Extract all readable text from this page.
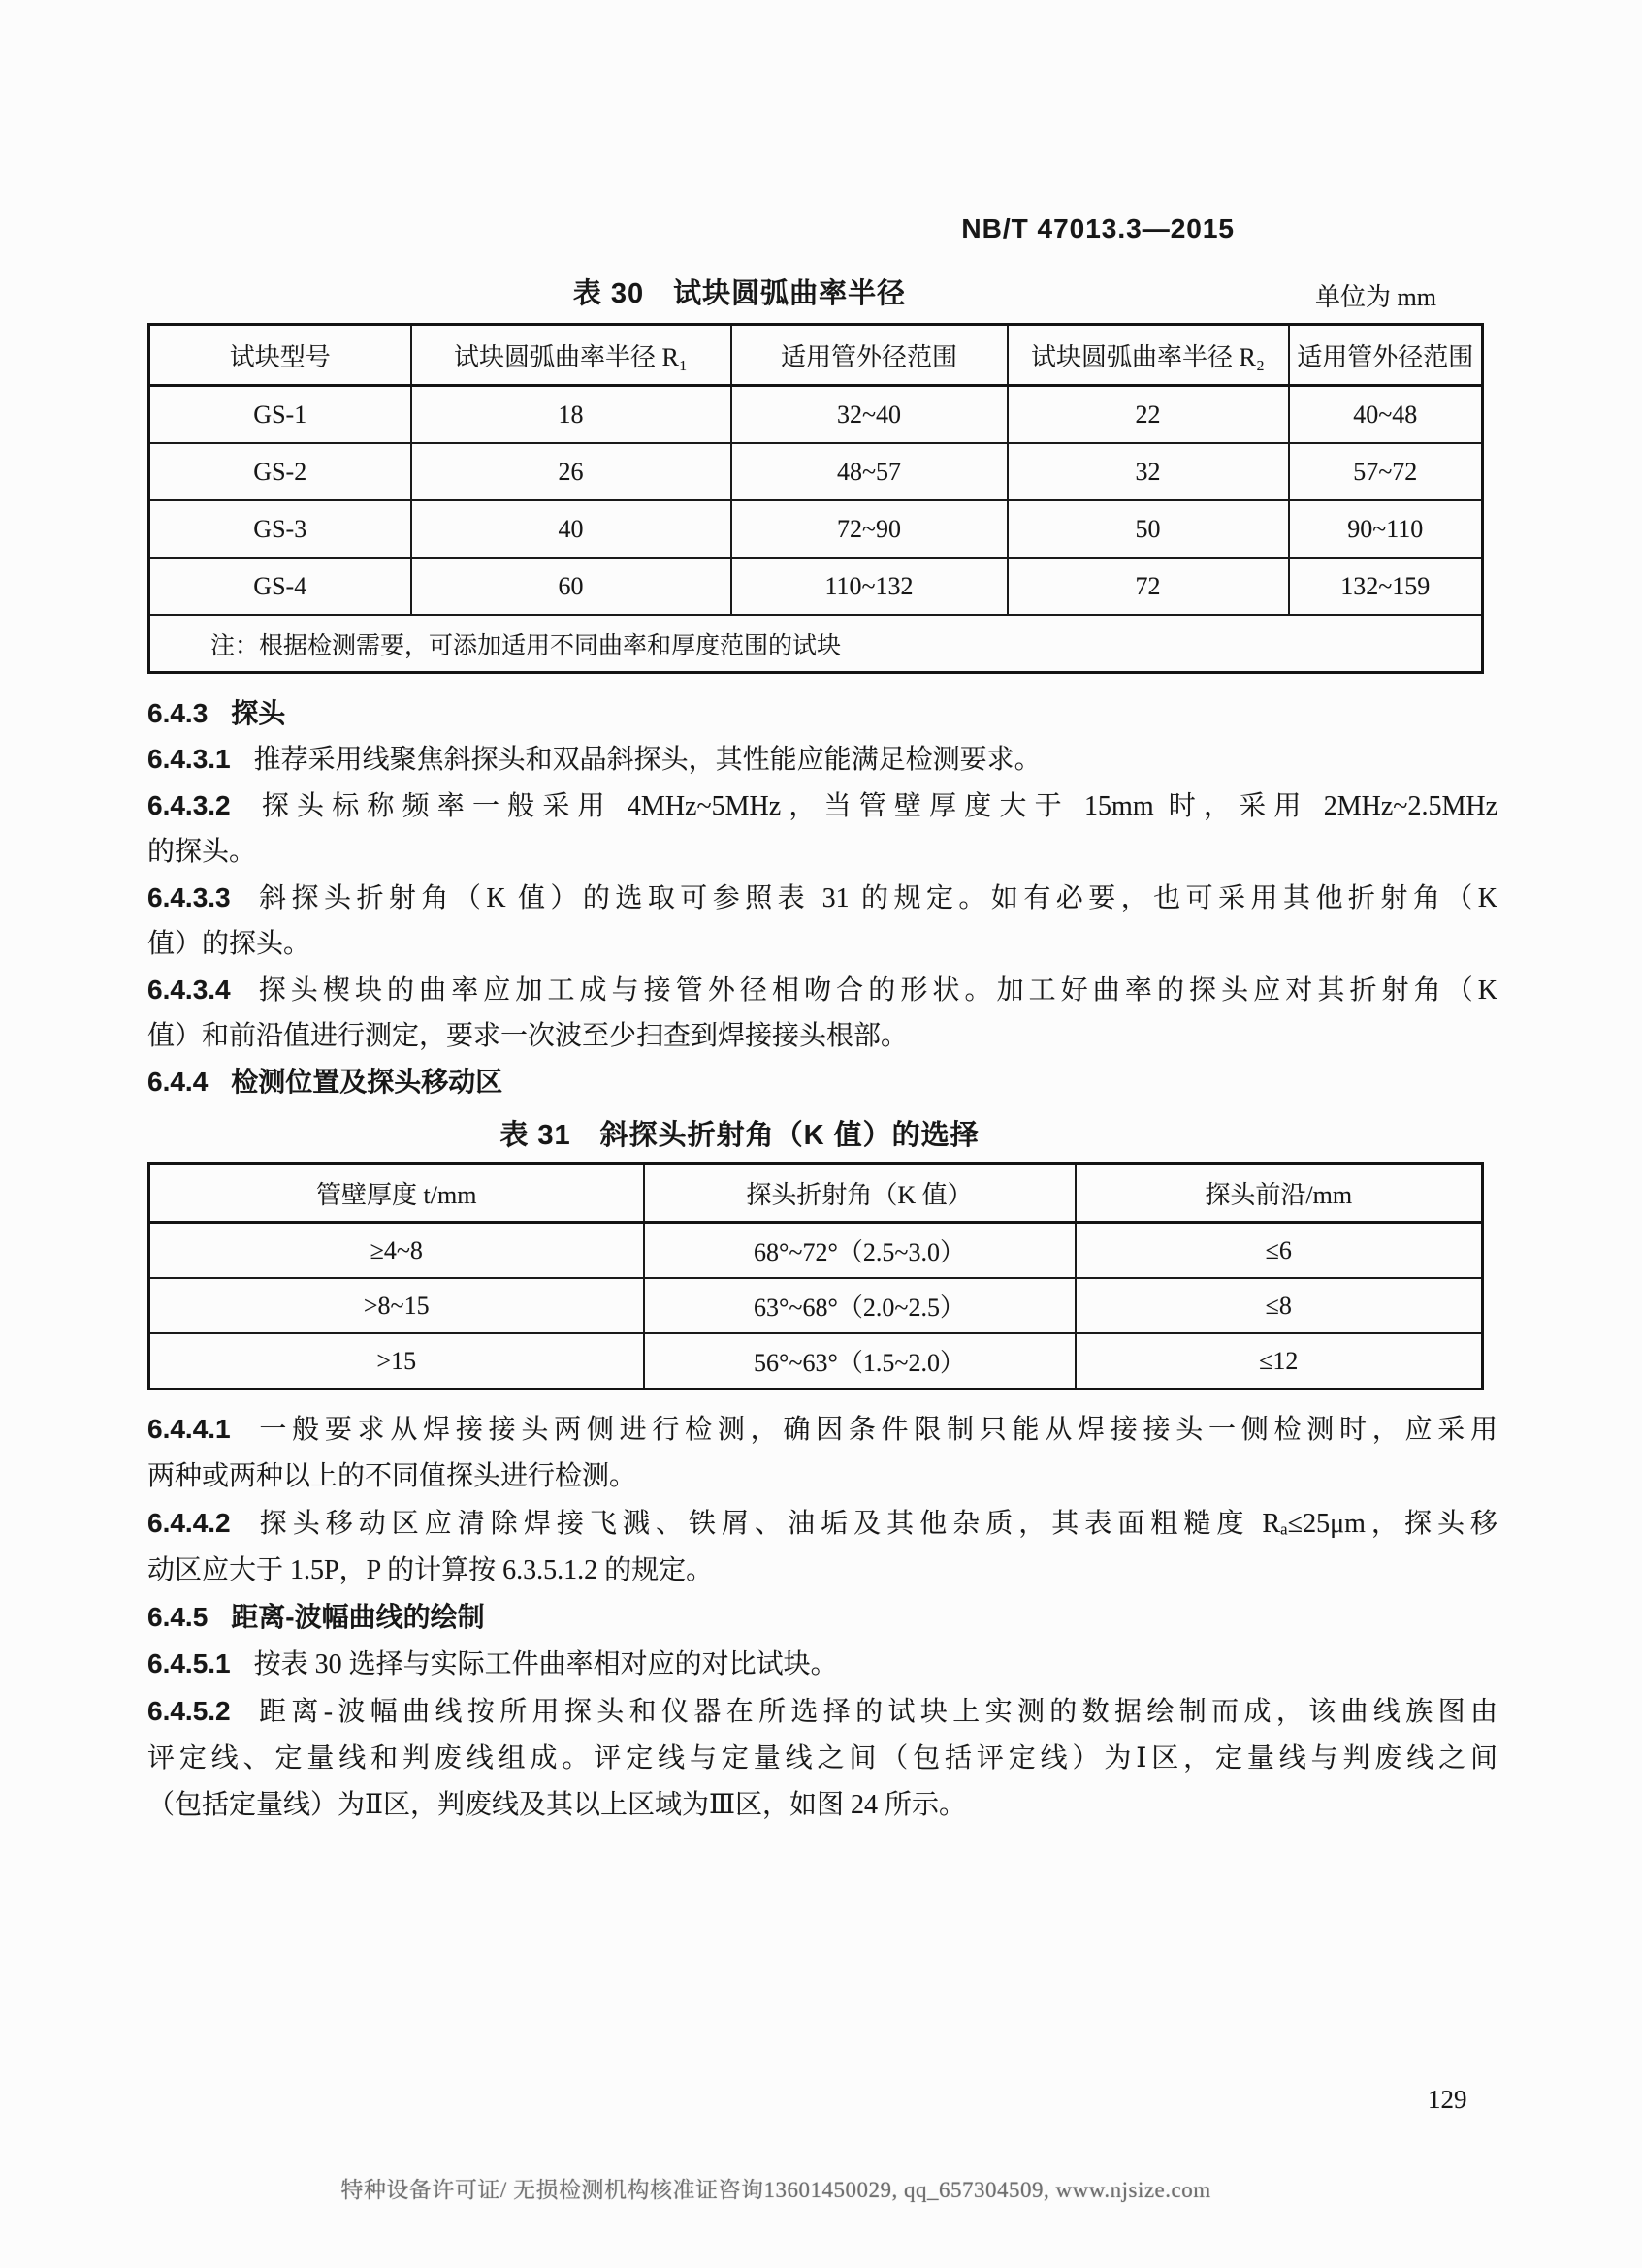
NB/T 47013.3—2015
表 30　试块圆弧曲率半径	单位为 mm
试块型号	试块圆弧曲率半径 R₁	适用管外径范围	试块圆弧曲率半径 R₂	适用管外径范围
GS-1	18	32~40	22	40~48
GS-2	26	48~57	32	57~72
GS-3	40	72~90	50	90~110
GS-4	60	110~132	72	132~159
注：根据检测需要，可添加适用不同曲率和厚度范围的试块				
6.4.3 探头
6.4.3.1 推荐采用线聚焦斜探头和双晶斜探头，其性能应能满足检测要求。
6.4.3.2 探头标称频率一般采用 4MHz~5MHz，当管壁厚度大于 15mm 时，采用 2MHz~2.5MHz
的探头。
6.4.3.3 斜探头折射角（K 值）的选取可参照表 31 的规定。如有必要，也可采用其他折射角（K
值）的探头。
6.4.3.4 探头楔块的曲率应加工成与接管外径相吻合的形状。加工好曲率的探头应对其折射角（K
值）和前沿值进行测定，要求一次波至少扫查到焊接接头根部。
6.4.4 检测位置及探头移动区
表 31　斜探头折射角（K 值）的选择
管壁厚度 t/mm	探头折射角（K 值）	探头前沿/mm
≥4~8	68°~72°（2.5~3.0）	≤6
>8~15	63°~68°（2.0~2.5）	≤8
>15	56°~63°（1.5~2.0）	≤12
6.4.4.1 一般要求从焊接接头两侧进行检测，确因条件限制只能从焊接接头一侧检测时，应采用
两种或两种以上的不同值探头进行检测。
6.4.4.2 探头移动区应清除焊接飞溅、铁屑、油垢及其他杂质，其表面粗糙度 Rₐ≤25μm，探头移
动区应大于 1.5P，P 的计算按 6.3.5.1.2 的规定。
6.4.5 距离-波幅曲线的绘制
6.4.5.1 按表 30 选择与实际工件曲率相对应的对比试块。
6.4.5.2 距离-波幅曲线按所用探头和仪器在所选择的试块上实测的数据绘制而成，该曲线族图由
评定线、定量线和判废线组成。评定线与定量线之间（包括评定线）为Ⅰ区，定量线与判废线之间
（包括定量线）为Ⅱ区，判废线及其以上区域为Ⅲ区，如图 24 所示。
129
特种设备许可证/ 无损检测机构核准证咨询13601450029, qq_657304509, www.njsize.com
